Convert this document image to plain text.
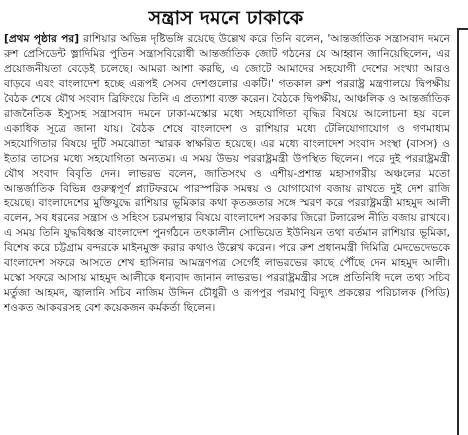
সন্ত্রাস দমনে ঢাকাকে

[প্রথম পৃষ্ঠার পর] রাশিয়ার অভিন্ন দৃষ্টিভঙ্গি রয়েছে উল্লেখ করে তিনি বলেন, 'আন্তর্জাতিক সন্ত্রাসবাদ দমনে রুশ প্রেসিডেন্ট ভ্লাদিমির পুতিন সন্ত্রাসবিরোধী আন্তর্জাতিক জোট গঠনের যে আহ্বান জানিয়েছিলেন, এর প্রয়োজনীয়তা বেড়েই চলেছে। আমরা আশা করছি, এ জোটে আমাদের সহযোগী দেশের সংখ্যা আরও বাড়বে এবং বাংলাদেশ হচ্ছে এরূপই সেসব দেশগুলোর একটি।' গতকাল রুশ পররাষ্ট্র মন্ত্রণালয়ে দ্বিপক্ষীয় বৈঠক শেষে যৌথ সংবাদ ব্রিফিংয়ে তিনি এ প্রত্যাশা ব্যক্ত করেন। বৈঠকে দ্বিপক্ষীয়, আঞ্চলিক ও আন্তর্জাতিক রাজনৈতিক ইস্যুসহ সন্ত্রাসবাদ দমনে ঢাকা-মস্কোর মধ্যে সহযোগিতা বৃদ্ধির বিষয়ে আলোচনা হয় বলে একাধিক সূত্রে জানা যায়। বৈঠক শেষে বাংলাদেশ ও রাশিয়ার মধ্যে টেলিযোগাযোগ ও গণমাধ্যম সহযোগিতার বিষয়ে দুটি সমঝোতা স্মারক স্বাক্ষরিত হয়েছে। এর মধ্যে বাংলাদেশ সংবাদ সংস্থা (বাসস) ও ইতার তাসের মধ্যে সহযোগিতা অন্যতম। এ সময় উভয় পররাষ্ট্রমন্ত্রী উপস্থিত ছিলেন। পরে দুই পররাষ্ট্রমন্ত্রী যৌথ সংবাদ বিবৃতি দেন। লাভরভ বলেন, জাতিসংঘ ও এশীয়-প্রশান্ত মহাসাগরীয় অঞ্চলের মতো আন্তর্জাতিক বিভিন্ন গুরুত্বপূর্ণ প্ল্যাটফরমে পারস্পরিক সমন্বয় ও যোগাযোগ বজায় রাখতে দুই দেশ রাজি হয়েছে। বাংলাদেশের মুক্তিযুদ্ধে রাশিয়ার ভূমিকার কথা কৃতজ্ঞতার সঙ্গে স্মরণ করে পররাষ্ট্রমন্ত্রী মাহমুদ আলী বলেন, সব ধরনের সন্ত্রাস ও সহিংস চরমপন্থার বিষয়ে বাংলাদেশ সরকার জিরো টলারেন্স নীতি বজায় রাখবে। এ সময় তিনি যুদ্ধবিধ্বস্ত বাংলাদেশ পুনর্গঠনে তৎকালীন সোভিয়েত ইউনিয়ন তথা বর্তমান রাশিয়ার ভূমিকা, বিশেষ করে চট্টগ্রাম বন্দরকে মাইনমুক্ত করার কথাও উল্লেখ করেন। পরে রুশ প্রধানমন্ত্রী দিমিত্রি মেদভেদেভকে বাংলাদেশ সফরে আসতে শেখ হাসিনার আমন্ত্রণপত্র সের্গেই লাভরভের কাছে পৌঁছে দেন মাহমুদ আলী। মস্কো সফরে আসায় মাহমুদ আলীকে ধন্যবাদ জানান লাভরভ। পররাষ্ট্রমন্ত্রীর সঙ্গে প্রতিনিধি দলে তথ্য সচিব মর্তুজা আহমদ, জ্বালানি সচিব নাজিম উদ্দিন চৌধুরী ও রূপপুর পরমাণু বিদ্যুৎ প্রকল্পের পরিচালক (পিডি) শওকত আকবরসহ বেশ কয়েকজন কর্মকর্তা ছিলেন।
